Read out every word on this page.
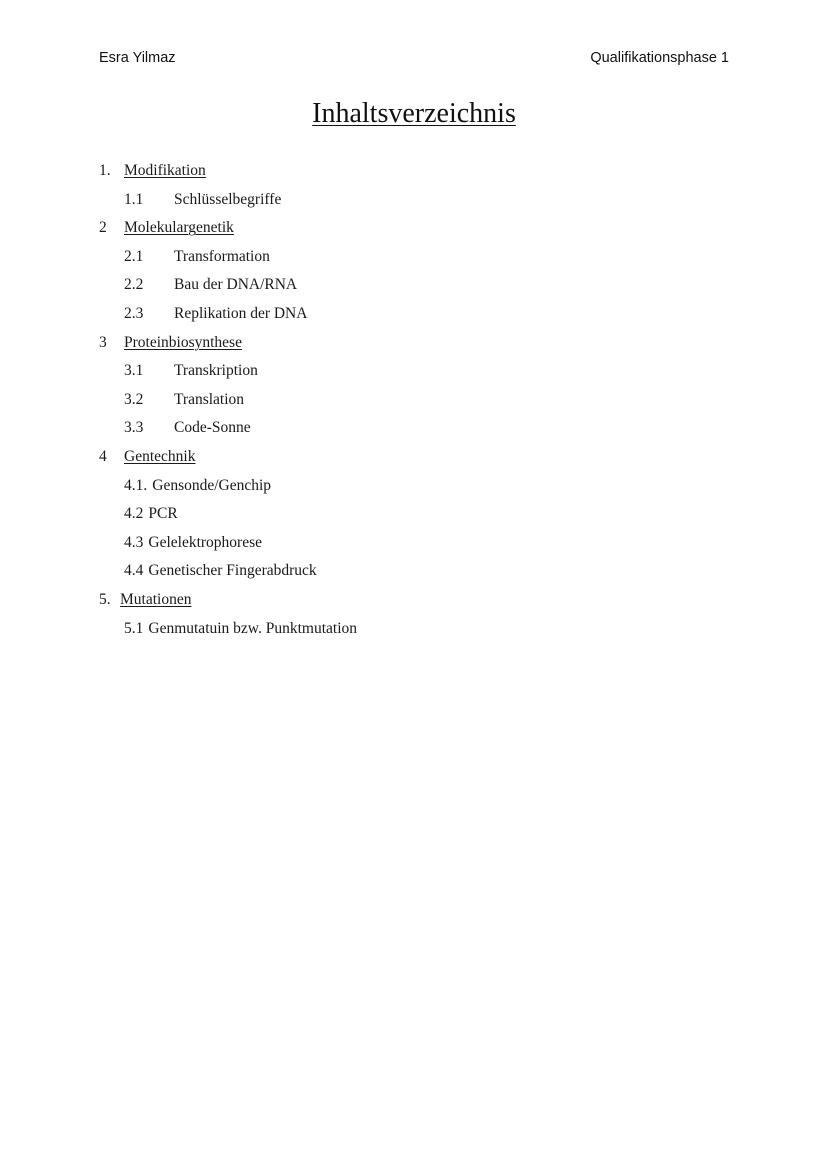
Esra Yilmaz	Qualifikationsphase 1
Inhaltsverzeichnis
1. Modifikation
1.1 Schlüsselbegriffe
2 Molekulargenetik
2.1 Transformation
2.2 Bau der DNA/RNA
2.3 Replikation der DNA
3 Proteinbiosynthese
3.1 Transkription
3.2 Translation
3.3 Code-Sonne
4 Gentechnik
4.1. Gensonde/Genchip
4.2 PCR
4.3 Gelelektrophorese
4.4 Genetischer Fingerabdruck
5. Mutationen
5.1 Genmutatuin bzw. Punktmutation
